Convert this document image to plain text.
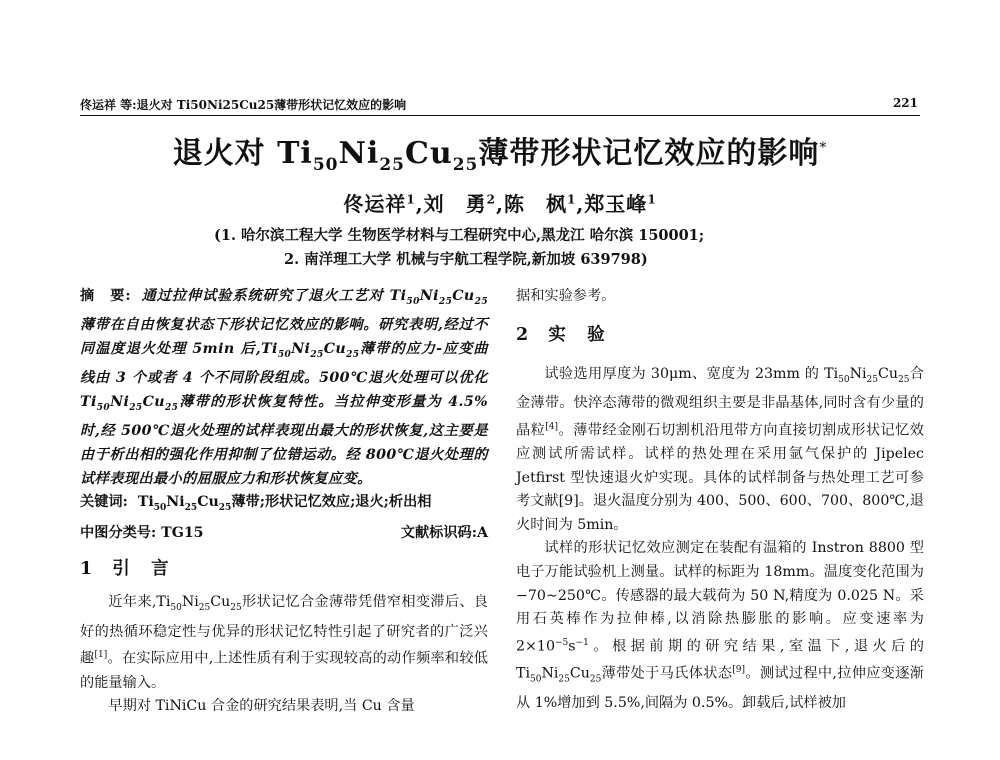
佟运祥 等:退火对 Ti50Ni25Cu25薄带形状记忆效应的影响	221
退火对 $Ti_{50}Ni_{25}Cu_{25}$薄带形状记忆效应的影响*
佟运祥$^1$,刘　勇$^2$,陈　枫$^1$,郑玉峰$^1$
(1. 哈尔滨工程大学 生物医学材料与工程研究中心,黑龙江 哈尔滨 150001;
2. 南洋理工大学 机械与宇航工程学院,新加坡 639798)

摘　要: 通过拉伸试验系统研究了退火工艺对 $Ti_{50}Ni_{25}Cu_{25}$薄带在自由恢复状态下形状记忆效应的影响。研究表明,经过不同温度退火处理 5min 后$,Ti_{50}Ni_{25}Cu_{25}$薄带的应力-应变曲线由 3 个或者 4 个不同阶段组成。500℃退火处理可以优化 $Ti_{50}Ni_{25}Cu_{25}$薄带的形状恢复特性。当拉伸变形量为 4.5%时,经 500℃退火处理的试样表现出最大的形状恢复,这主要是由于析出相的强化作用抑制了位错运动。经 800℃退火处理的试样表现出最小的屈服应力和形状恢复应变。

关键词: $Ti_{50}Ni_{25}Cu_{25}$薄带;形状记忆效应;退火;析出相
中图分类号: TG15	文献标识码:A
1 引　言

近年来$,Ti_{50}Ni_{25}Cu_{25}$形状记忆合金薄带凭借窄相变滞后、良好的热循环稳定性与优异的形状记忆特性引起了研究者的广泛兴趣[1]。在实际应用中,上述性质有利于实现较高的动作频率和较低的能量输入。

早期对 TiNiCu 合金的研究结果表明,当 Cu 含量

据和实验参考。

2 实　验

试验选用厚度为 30μm、宽度为 23mm 的 $Ti_{50}Ni_{25}Cu_{25}$合金薄带。快淬态薄带的微观组织主要是非晶基体,同时含有少量的晶粒[4]。薄带经金刚石切割机沿甩带方向直接切割成形状记忆效应测试所需试样。试样的热处理在采用氩气保护的 Jipelec Jetfirst 型快速退火炉实现。具体的试样制备与热处理工艺可参考文献[9]。退火温度分别为 400、500、600、700、800℃,退火时间为 5min。

试样的形状记忆效应测定在装配有温箱的 Instron 8800 型电子万能试验机上测量。试样的标距为 18mm。温度变化范围为−70∼250℃。传感器的最大载荷为 50 N,精度为 0.025 N。采用石英棒作为拉伸棒,以消除热膨胀的影响。应变速率为 $2\times 10^{-5}s^{-1}$。根据前期的研究结果,室温下,退火后的 $Ti_{50}Ni_{25}Cu_{25}$薄带处于马氏体状态[9]。测试过程中,拉伸应变逐渐从 1%增加到 5.5%,间隔为 0.5%。卸载后,试样被加
